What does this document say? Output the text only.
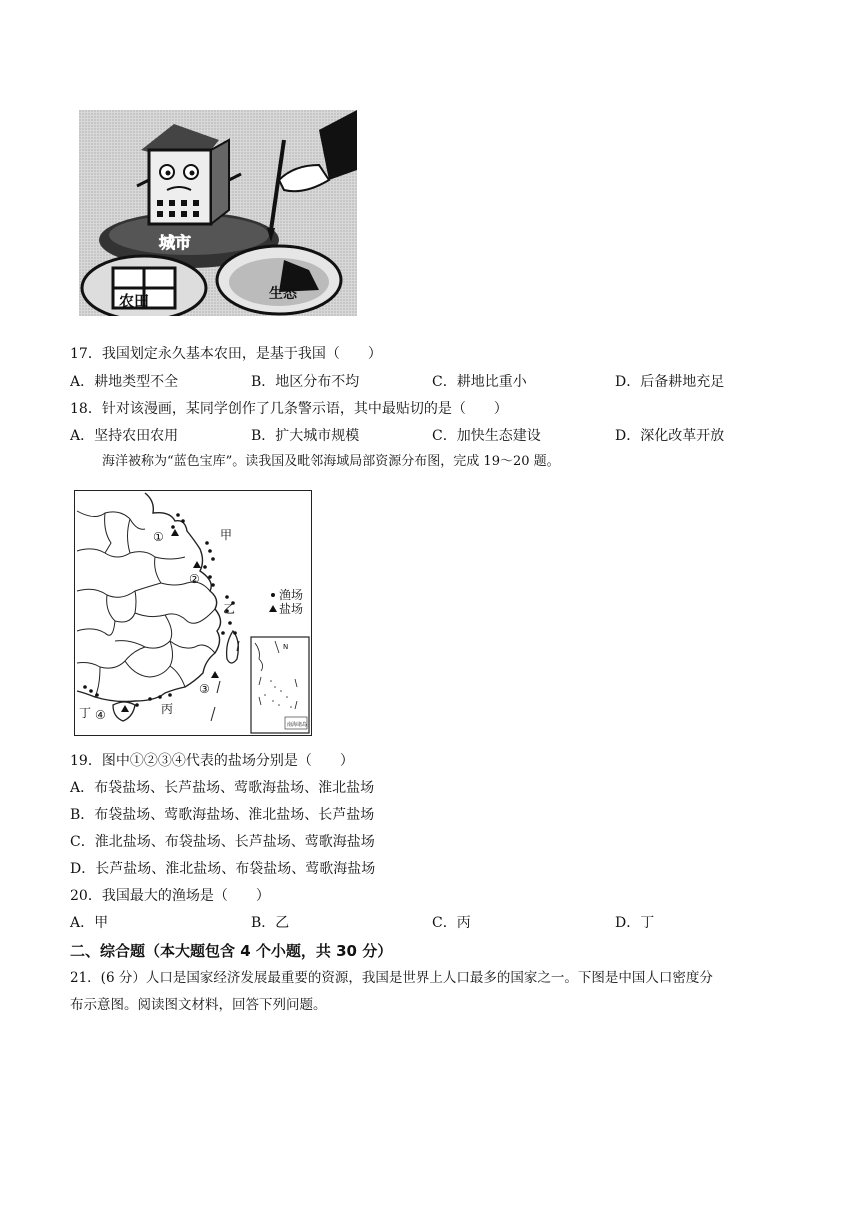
城市
农田	生态
17．我国划定永久基本农田，是基于我国（　　）
A．耕地类型不全	B．地区分布不均	C．耕地比重小	D．后备耕地充足
18．针对该漫画，某同学创作了几条警示语，其中最贴切的是（　　）
A．坚持农田农用	B．扩大城市规模	C．加快生态建设	D．深化改革开放
海洋被称为“蓝色宝库”。读我国及毗邻海域局部资源分布图，完成 19～20 题。
甲
乙
丙
丁
①
②
③
④
渔场
盐场
N
南海诸岛
19．图中①②③④代表的盐场分别是（　　）
A．布袋盐场、长芦盐场、莺歌海盐场、淮北盐场
B．布袋盐场、莺歌海盐场、淮北盐场、长芦盐场
C．淮北盐场、布袋盐场、长芦盐场、莺歌海盐场
D．长芦盐场、淮北盐场、布袋盐场、莺歌海盐场
20．我国最大的渔场是（　　）
A．甲	B．乙	C．丙	D．丁
二、综合题（本大题包含 4 个小题，共 30 分）
21．(6 分）人口是国家经济发展最重要的资源，我国是世界上人口最多的国家之一。下图是中国人口密度分
布示意图。阅读图文材料，回答下列问题。
